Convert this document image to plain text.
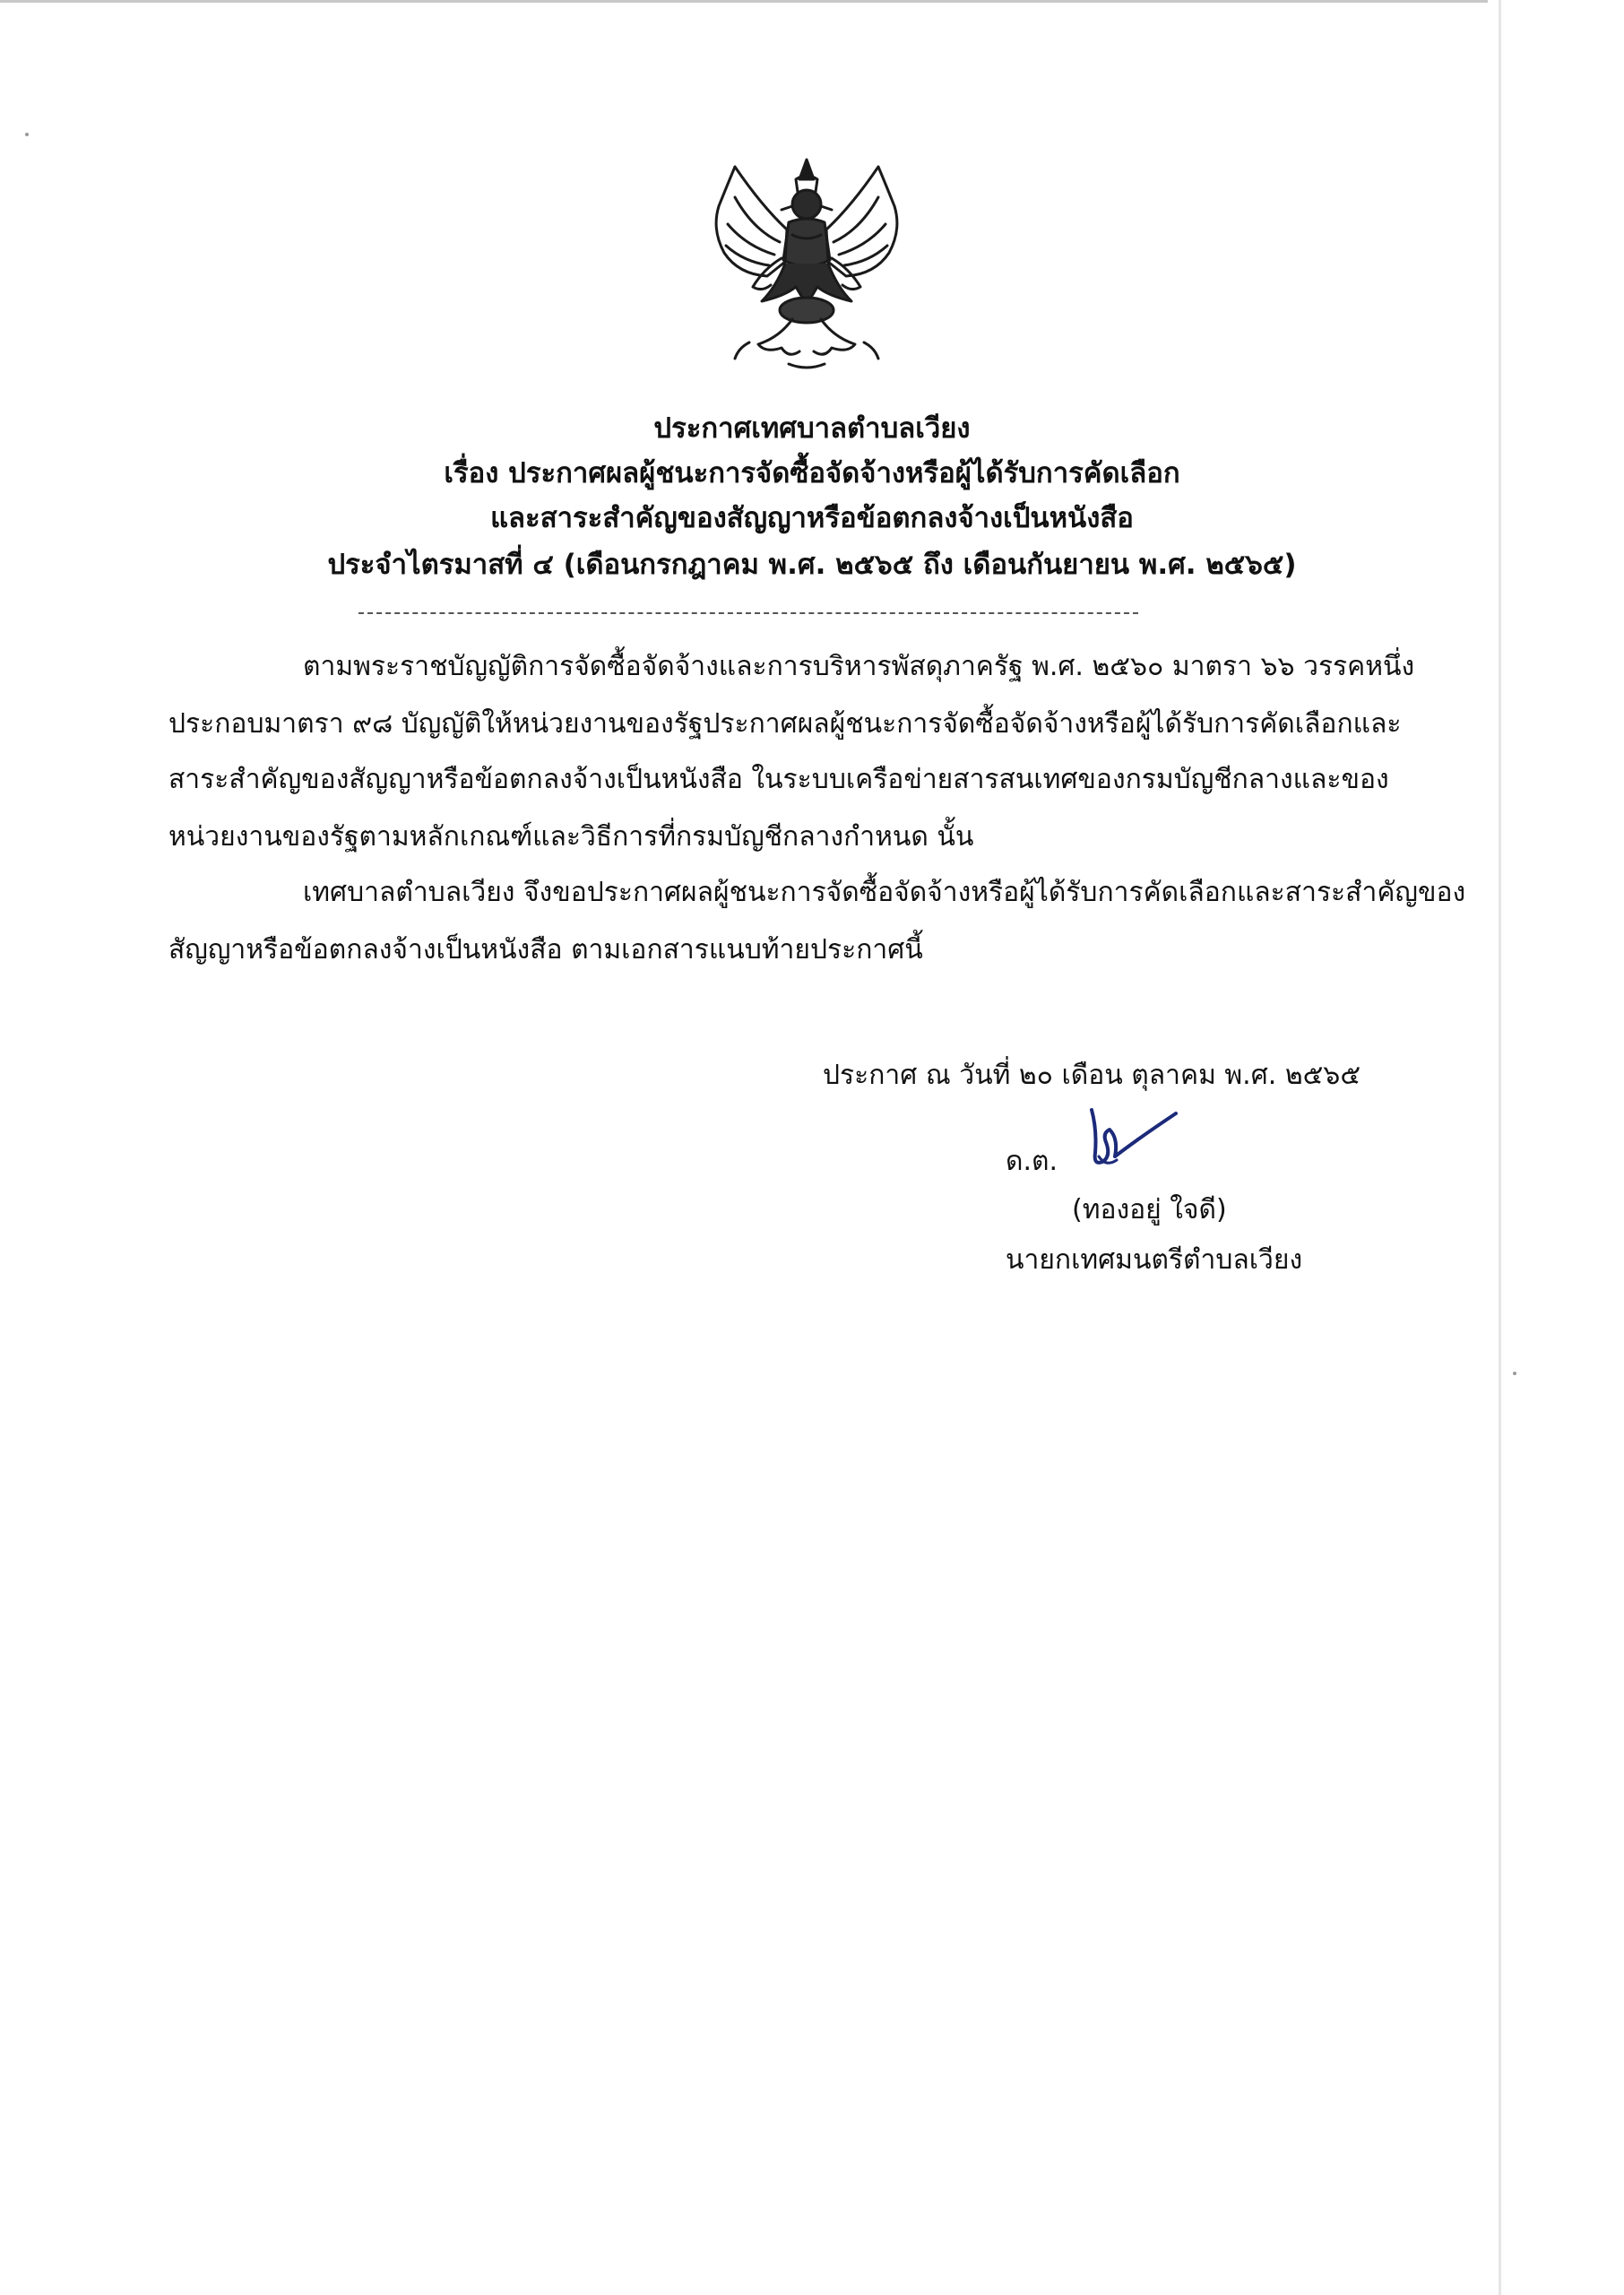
ประกาศเทศบาลตำบลเวียง
เรื่อง ประกาศผลผู้ชนะการจัดซื้อจัดจ้างหรือผู้ได้รับการคัดเลือก
และสาระสำคัญของสัญญาหรือข้อตกลงจ้างเป็นหนังสือ
ประจำไตรมาสที่ ๔ (เดือนกรกฎาคม พ.ศ. ๒๕๖๕ ถึง เดือนกันยายน พ.ศ. ๒๕๖๕)
ตามพระราชบัญญัติการจัดซื้อจัดจ้างและการบริหารพัสดุภาครัฐ พ.ศ. ๒๕๖๐ มาตรา ๖๖ วรรคหนึ่ง
ประกอบมาตรา ๙๘ บัญญัติให้หน่วยงานของรัฐประกาศผลผู้ชนะการจัดซื้อจัดจ้างหรือผู้ได้รับการคัดเลือกและ
สาระสำคัญของสัญญาหรือข้อตกลงจ้างเป็นหนังสือ ในระบบเครือข่ายสารสนเทศของกรมบัญชีกลางและของ
หน่วยงานของรัฐตามหลักเกณฑ์และวิธีการที่กรมบัญชีกลางกำหนด นั้น
เทศบาลตำบลเวียง จึงขอประกาศผลผู้ชนะการจัดซื้อจัดจ้างหรือผู้ได้รับการคัดเลือกและสาระสำคัญของ
สัญญาหรือข้อตกลงจ้างเป็นหนังสือ ตามเอกสารแนบท้ายประกาศนี้
ประกาศ ณ วันที่ ๒๐ เดือน ตุลาคม พ.ศ. ๒๕๖๕
ด.ต.
(ทองอยู่ ใจดี)
นายกเทศมนตรีตำบลเวียง
